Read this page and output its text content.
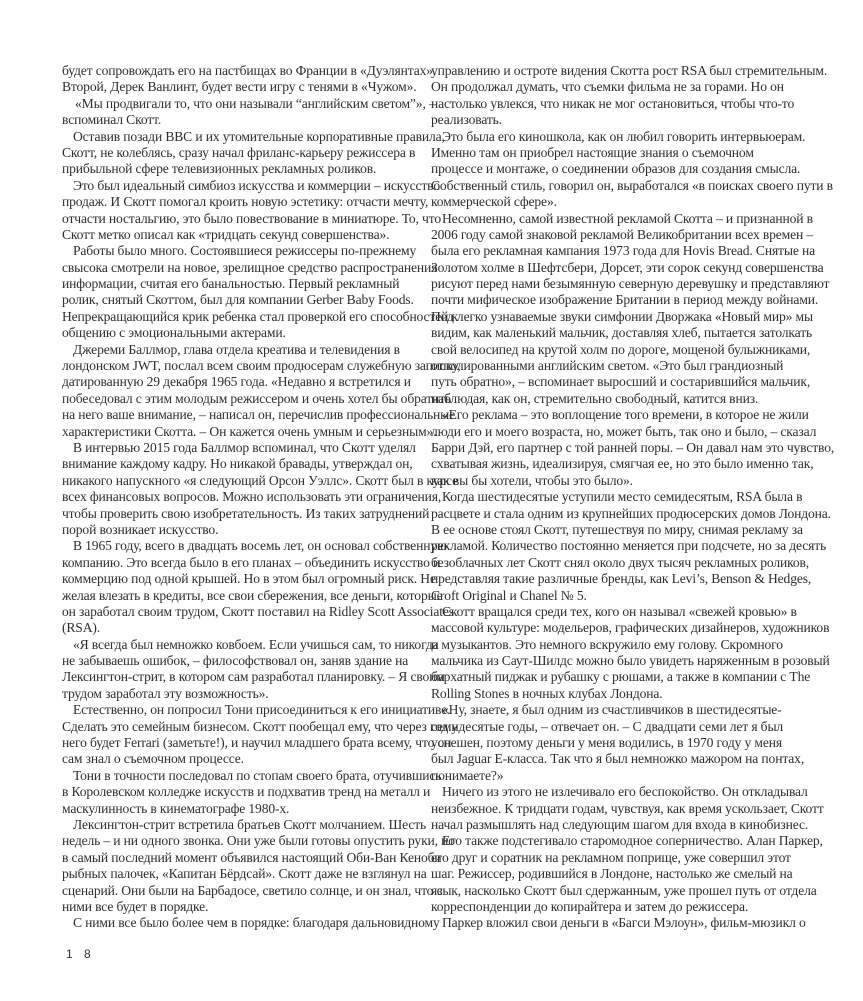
будет сопровождать его на пастбищах во Франции в «Дуэлянтах».
Второй, Дерек Ванлинт, будет вести игру с тенями в «Чужом».
«Мы продвигали то, что они называли “английским светом”», –
вспоминал Скотт.
Оставив позади BBC и их утомительные корпоративные правила,
Скотт, не колеблясь, сразу начал фриланс-карьеру режиссера в
прибыльной сфере телевизионных рекламных роликов.
Это был идеальный симбиоз искусства и коммерции – искусство
продаж. И Скотт помогал кроить новую эстетику: отчасти мечту,
отчасти ностальгию, это было повествование в миниатюре. То, что
Скотт метко описал как «тридцать секунд совершенства».
Работы было много. Состоявшиеся режиссеры по-прежнему
свысока смотрели на новое, зрелищное средство распространения
информации, считая его банальностью. Первый рекламный
ролик, снятый Скоттом, был для компании Gerber Baby Foods.
Непрекращающийся крик ребенка стал проверкой его способностей к
общению с эмоциональными актерами.
Джереми Баллмор, глава отдела креатива и телевидения в
лондонском JWT, послал всем своим продюсерам служебную записку,
датированную 29 декабря 1965 года. «Недавно я встретился и
побеседовал с этим молодым режиссером и очень хотел бы обратить
на него ваше внимание, – написал он, перечислив профессиональные
характеристики Скотта. – Он кажется очень умным и серьезным».
В интервью 2015 года Баллмор вспоминал, что Скотт уделял
внимание каждому кадру. Но никакой бравады, утверждал он,
никакого напускного «я следующий Орсон Уэллс». Скотт был в курсе
всех финансовых вопросов. Можно использовать эти ограничения,
чтобы проверить свою изобретательность. Из таких затруднений
порой возникает искусство.
В 1965 году, всего в двадцать восемь лет, он основал собственную
компанию. Это всегда было в его планах – объединить искусство и
коммерцию под одной крышей. Но в этом был огромный риск. Не
желая влезать в кредиты, все свои сбережения, все деньги, которые
он заработал своим трудом, Скотт поставил на Ridley Scott Associates
(RSA).
«Я всегда был немножко ковбоем. Если учишься сам, то никогда
не забываешь ошибок, – философствовал он, заняв здание на
Лексингтон-стрит, в котором сам разработал планировку. – Я своим
трудом заработал эту возможность».
Естественно, он попросил Тони присоединиться к его инициативе.
Сделать это семейным бизнесом. Скотт пообещал ему, что через год у
него будет Ferrari (заметьте!), и научил младшего брата всему, что он
сам знал о съемочном процессе.
Тони в точности последовал по стопам своего брата, отучившись
в Королевском колледже искусств и подхватив тренд на металл и
маскулинность в кинематографе 1980-х.
Лексингтон-стрит встретила братьев Скотт молчанием. Шесть
недель – и ни одного звонка. Они уже были готовы опустить руки, но
в самый последний момент объявился настоящий Оби-Ван Кеноби
рыбных палочек, «Капитан Бёрдсай». Скотт даже не взглянул на
сценарий. Они были на Барбадосе, светило солнце, и он знал, что с
ними все будет в порядке.
С ними все было более чем в порядке: благодаря дальновидному
управлению и остроте видения Скотта рост RSA был стремительным.
Он продолжал думать, что съемки фильма не за горами. Но он
настолько увлекся, что никак не мог остановиться, чтобы что-то
реализовать.
Это была его киношкола, как он любил говорить интервьюерам.
Именно там он приобрел настоящие знания о съемочном
процессе и монтаже, о соединении образов для создания смысла.
Собственный стиль, говорил он, выработался «в поисках своего пути в
коммерческой сфере».
Несомненно, самой известной рекламой Скотта – и признанной в
2006 году самой знаковой рекламой Великобритании всех времен –
была его рекламная кампания 1973 года для Hovis Bread. Снятые на
Золотом холме в Шефтсбери, Дорсет, эти сорок секунд совершенства
рисуют перед нами безымянную северную деревушку и представляют
почти мифическое изображение Британии в период между войнами.
Под легко узнаваемые звуки симфонии Дворжака «Новый мир» мы
видим, как маленький мальчик, доставляя хлеб, пытается затолкать
свой велосипед на крутой холм по дороге, мощеной булыжниками,
отполированными английским светом. «Это был грандиозный
путь обратно», – вспоминает выросший и состарившийся мальчик,
наблюдая, как он, стремительно свободный, катится вниз.
«Его реклама – это воплощение того времени, в которое не жили
люди его и моего возраста, но, может быть, так оно и было, – сказал
Барри Дэй, его партнер с той ранней поры. – Он давал нам это чувство,
схватывая жизнь, идеализируя, смягчая ее, но это было именно так,
как вы бы хотели, чтобы это было».
Когда шестидесятые уступили место семидесятым, RSA была в
расцвете и стала одним из крупнейших продюсерских домов Лондона.
В ее основе стоял Скотт, путешествуя по миру, снимая рекламу за
рекламой. Количество постоянно меняется при подсчете, но за десять
безоблачных лет Скотт снял около двух тысяч рекламных роликов,
представляя такие различные бренды, как Levi’s, Benson & Hedges,
Croft Original и Chanel № 5.
Скотт вращался среди тех, кого он называл «свежей кровью» в
массовой культуре: модельеров, графических дизайнеров, художников
и музыкантов. Это немного вскружило ему голову. Скромного
мальчика из Саут-Шилдс можно было увидеть наряженным в розовый
бархатный пиджак и рубашку с рюшами, а также в компании с The
Rolling Stones в ночных клубах Лондона.
«Ну, знаете, я был одним из счастливчиков в шестидесятые-
семидесятые годы, – отвечает он. – С двадцати семи лет я был
успешен, поэтому деньги у меня водились, в 1970 году у меня
был Jaguar E-класса. Так что я был немножко мажором на понтах,
понимаете?»
Ничего из этого не излечивало его беспокойство. Он откладывал
неизбежное. К тридцати годам, чувствуя, как время ускользает, Скотт
начал размышлять над следующим шагом для входа в кинобизнес.
Его также подстегивало старомодное соперничество. Алан Паркер,
его друг и соратник на рекламном поприще, уже совершил этот
шаг. Режиссер, родившийся в Лондоне, настолько же смелый на
язык, насколько Скотт был сдержанным, уже прошел путь от отдела
корреспонденции до копирайтера и затем до режиссера.
Паркер вложил свои деньги в «Багси Мэлоун», фильм-мюзикл о
1 8
